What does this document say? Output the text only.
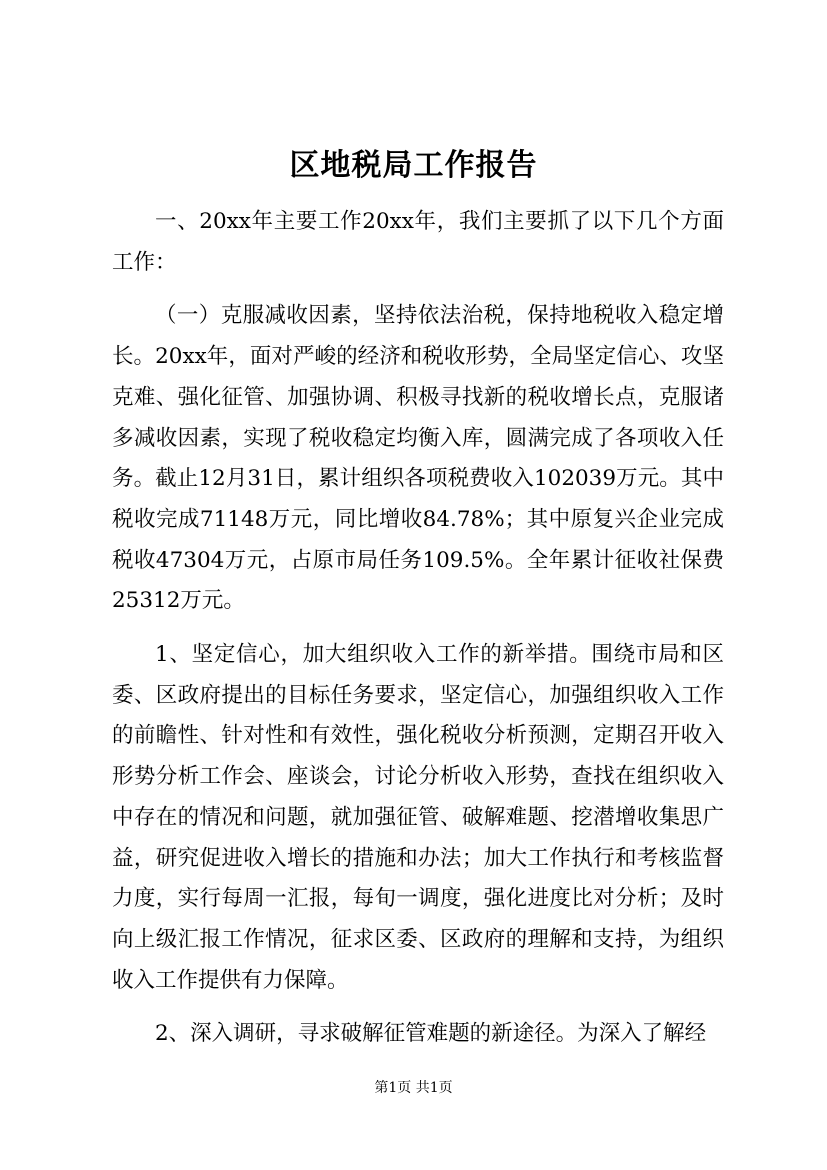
区地税局工作报告

一、20xx年主要工作20xx年，我们主要抓了以下几个方面工作：

（一）克服减收因素，坚持依法治税，保持地税收入稳定增长。20xx年，面对严峻的经济和税收形势，全局坚定信心、攻坚克难、强化征管、加强协调、积极寻找新的税收增长点，克服诸多减收因素，实现了税收稳定均衡入库，圆满完成了各项收入任务。截止12月31日，累计组织各项税费收入102039万元。其中税收完成71148万元，同比增收84.78%；其中原复兴企业完成税收47304万元，占原市局任务109.5%。全年累计征收社保费25312万元。

1、坚定信心，加大组织收入工作的新举措。围绕市局和区委、区政府提出的目标任务要求，坚定信心，加强组织收入工作的前瞻性、针对性和有效性，强化税收分析预测，定期召开收入形势分析工作会、座谈会，讨论分析收入形势，查找在组织收入中存在的情况和问题，就加强征管、破解难题、挖潜增收集思广益，研究促进收入增长的措施和办法；加大工作执行和考核监督力度，实行每周一汇报，每旬一调度，强化进度比对分析；及时向上级汇报工作情况，征求区委、区政府的理解和支持，为组织收入工作提供有力保障。

2、深入调研，寻求破解征管难题的新途径。为深入了解经

第1页 共1页
